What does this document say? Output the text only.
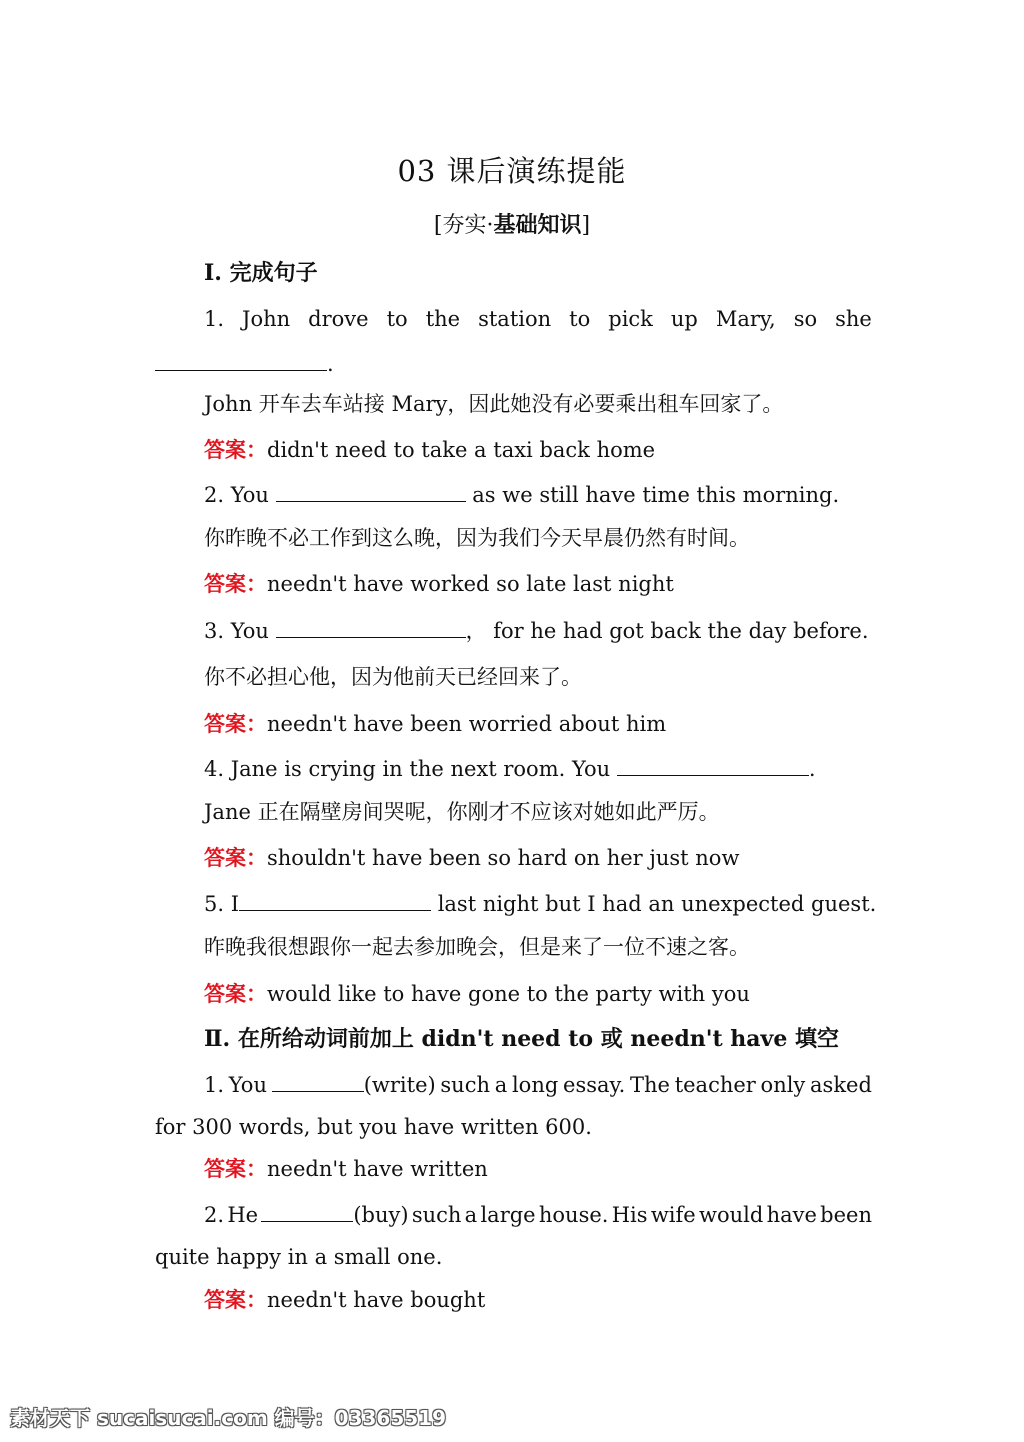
03 课后演练提能
[夯实·基础知识]
Ⅰ. 完成句子
1. John drove to the station to pick up Mary, so she
.
John 开车去车站接 Mary，因此她没有必要乘出租车回家了。
答案：didn't need to take a taxi back home
2. You	as we still have time this morning.
你昨晚不必工作到这么晚，因为我们今天早晨仍然有时间。
答案：needn't have worked so late last night
3. You	， for he had got back the day before.
你不必担心他，因为他前天已经回来了。
答案：needn't have been worried about him
4. Jane is crying in the next room. You	.
Jane 正在隔壁房间哭呢，你刚才不应该对她如此严厉。
答案：shouldn't have been so hard on her just now
5. I	last night but I had an unexpected guest.
昨晚我很想跟你一起去参加晚会，但是来了一位不速之客。
答案：would like to have gone to the party with you
Ⅱ. 在所给动词前加上 didn't need to 或 needn't have 填空
1. You	(write) such a long essay. The teacher only asked
for 300 words, but you have written 600.
答案：needn't have written
2. He	(buy) such a large house. His wife would have been
quite happy in a small one.
答案：needn't have bought
素材天下 sucaisucai.com 编号：03365519
